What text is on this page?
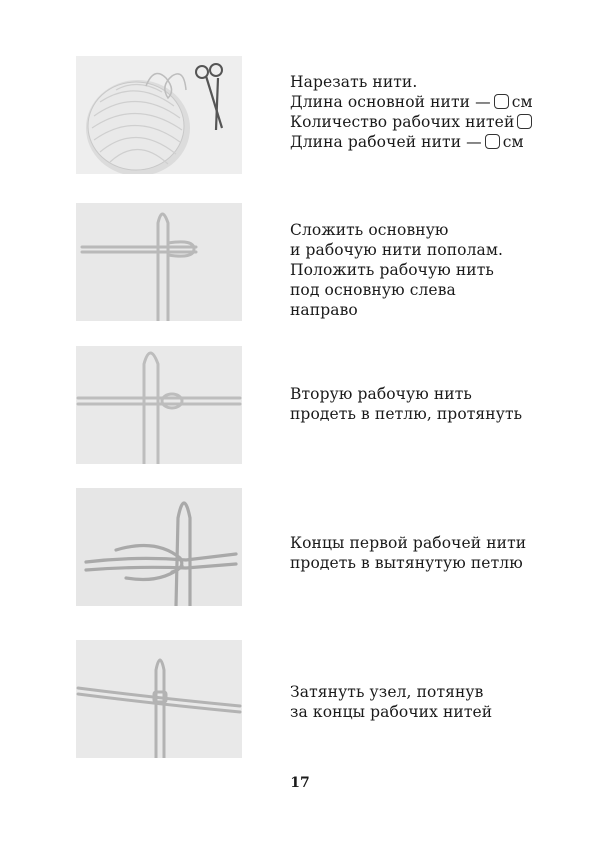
Нарезать нити.
Длина основной нити — см
Количество рабочих нитей
Длина рабочей нити — см
Сложить основную
и рабочую нити пополам.
Положить рабочую нить
под основную слева
направо
Вторую рабочую нить
продеть в петлю, протянуть
Концы первой рабочей нити
продеть в вытянутую петлю
Затянуть узел, потянув
за концы рабочих нитей
17
